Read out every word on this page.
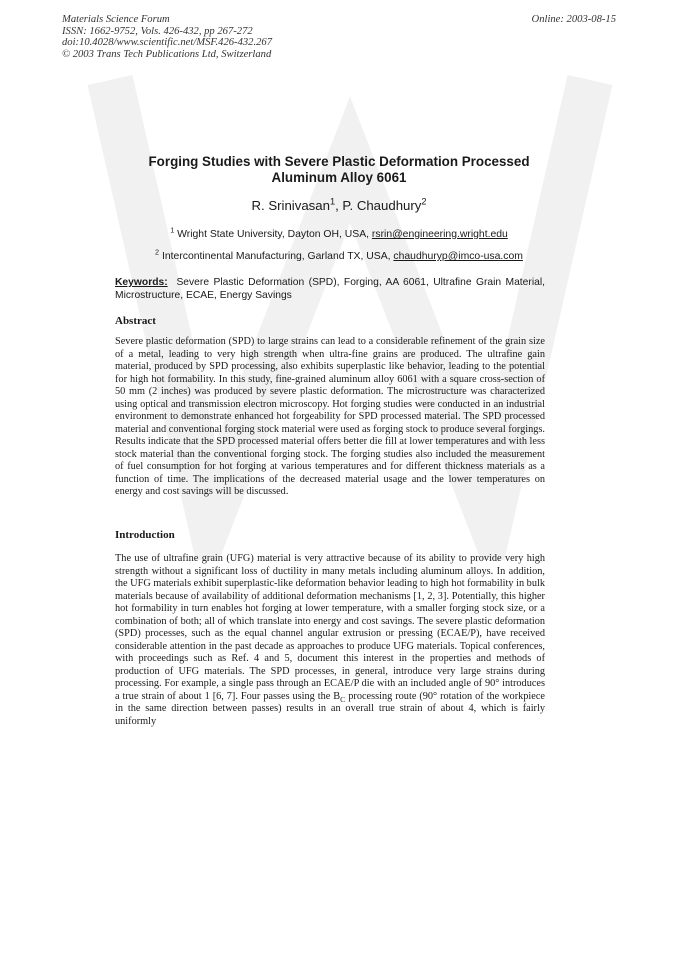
Materials Science Forum
ISSN: 1662-9752, Vols. 426-432, pp 267-272
doi:10.4028/www.scientific.net/MSF.426-432.267
© 2003 Trans Tech Publications Ltd, Switzerland
Online: 2003-08-15
Forging Studies with Severe Plastic Deformation Processed
Aluminum Alloy 6061
R. Srinivasan$^1$, P. Chaudhury$^2$
$^1$ Wright State University, Dayton OH, USA, rsrin@engineering.wright.edu
$^2$ Intercontinental Manufacturing, Garland TX, USA, chaudhuryp@imco-usa.com
Keywords: Severe Plastic Deformation (SPD), Forging, AA 6061, Ultrafine Grain Material, Microstructure, ECAE, Energy Savings
Abstract

Severe plastic deformation (SPD) to large strains can lead to a considerable refinement of the grain size of a metal, leading to very high strength when ultra-fine grains are produced. The ultrafine gain material, produced by SPD processing, also exhibits superplastic like behavior, leading to the potential for high hot formability. In this study, fine-grained aluminum alloy 6061 with a square cross-section of 50 mm (2 inches) was produced by severe plastic deformation. The microstructure was characterized using optical and transmission electron microscopy. Hot forging studies were conducted in an industrial environment to demonstrate enhanced hot forgeability for SPD processed material. The SPD processed material and conventional forging stock material were used as forging stock to produce several forgings. Results indicate that the SPD processed material offers better die fill at lower temperatures and with less stock material than the conventional forging stock. The forging studies also included the measurement of fuel consumption for hot forging at various temperatures and for different thickness materials as a function of time. The implications of the decreased material usage and the lower temperatures on energy and cost savings will be discussed.

Introduction

The use of ultrafine grain (UFG) material is very attractive because of its ability to provide very high strength without a significant loss of ductility in many metals including aluminum alloys. In addition, the UFG materials exhibit superplastic-like deformation behavior leading to high hot formability in bulk materials because of availability of additional deformation mechanisms [1, 2, 3]. Potentially, this higher hot formability in turn enables hot forging at lower temperature, with a smaller forging stock size, or a combination of both; all of which translate into energy and cost savings. The severe plastic deformation (SPD) processes, such as the equal channel angular extrusion or pressing (ECAE/P), have received considerable attention in the past decade as approaches to produce UFG materials. Topical conferences, with proceedings such as Ref. 4 and 5, document this interest in the properties and methods of production of UFG materials. The SPD processes, in general, introduce very large strains during processing. For example, a single pass through an ECAE/P die with an included angle of 90° introduces a true strain of about 1 [6, 7]. Four passes using the $B_C$ processing route (90° rotation of the workpiece in the same direction between passes) results in an overall true strain of about 4, which is fairly uniformly
